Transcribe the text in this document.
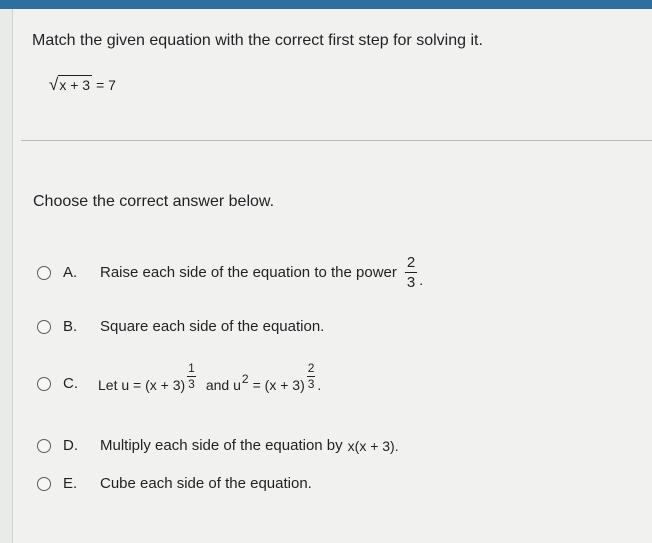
Match the given equation with the correct first step for solving it.
√ x + 3 = 7
Choose the correct answer below.
A.	Raise each side of the equation to the power $\frac{2}{3}$ .
B.	Square each side of the equation.
C.	Let $u = (x + 3) \frac{1}{3}$ and u $2 = (x + 3) \frac{2}{3}$ .
D.	Multiply each side of the equation by x(x + 3).
E.	Cube each side of the equation.
